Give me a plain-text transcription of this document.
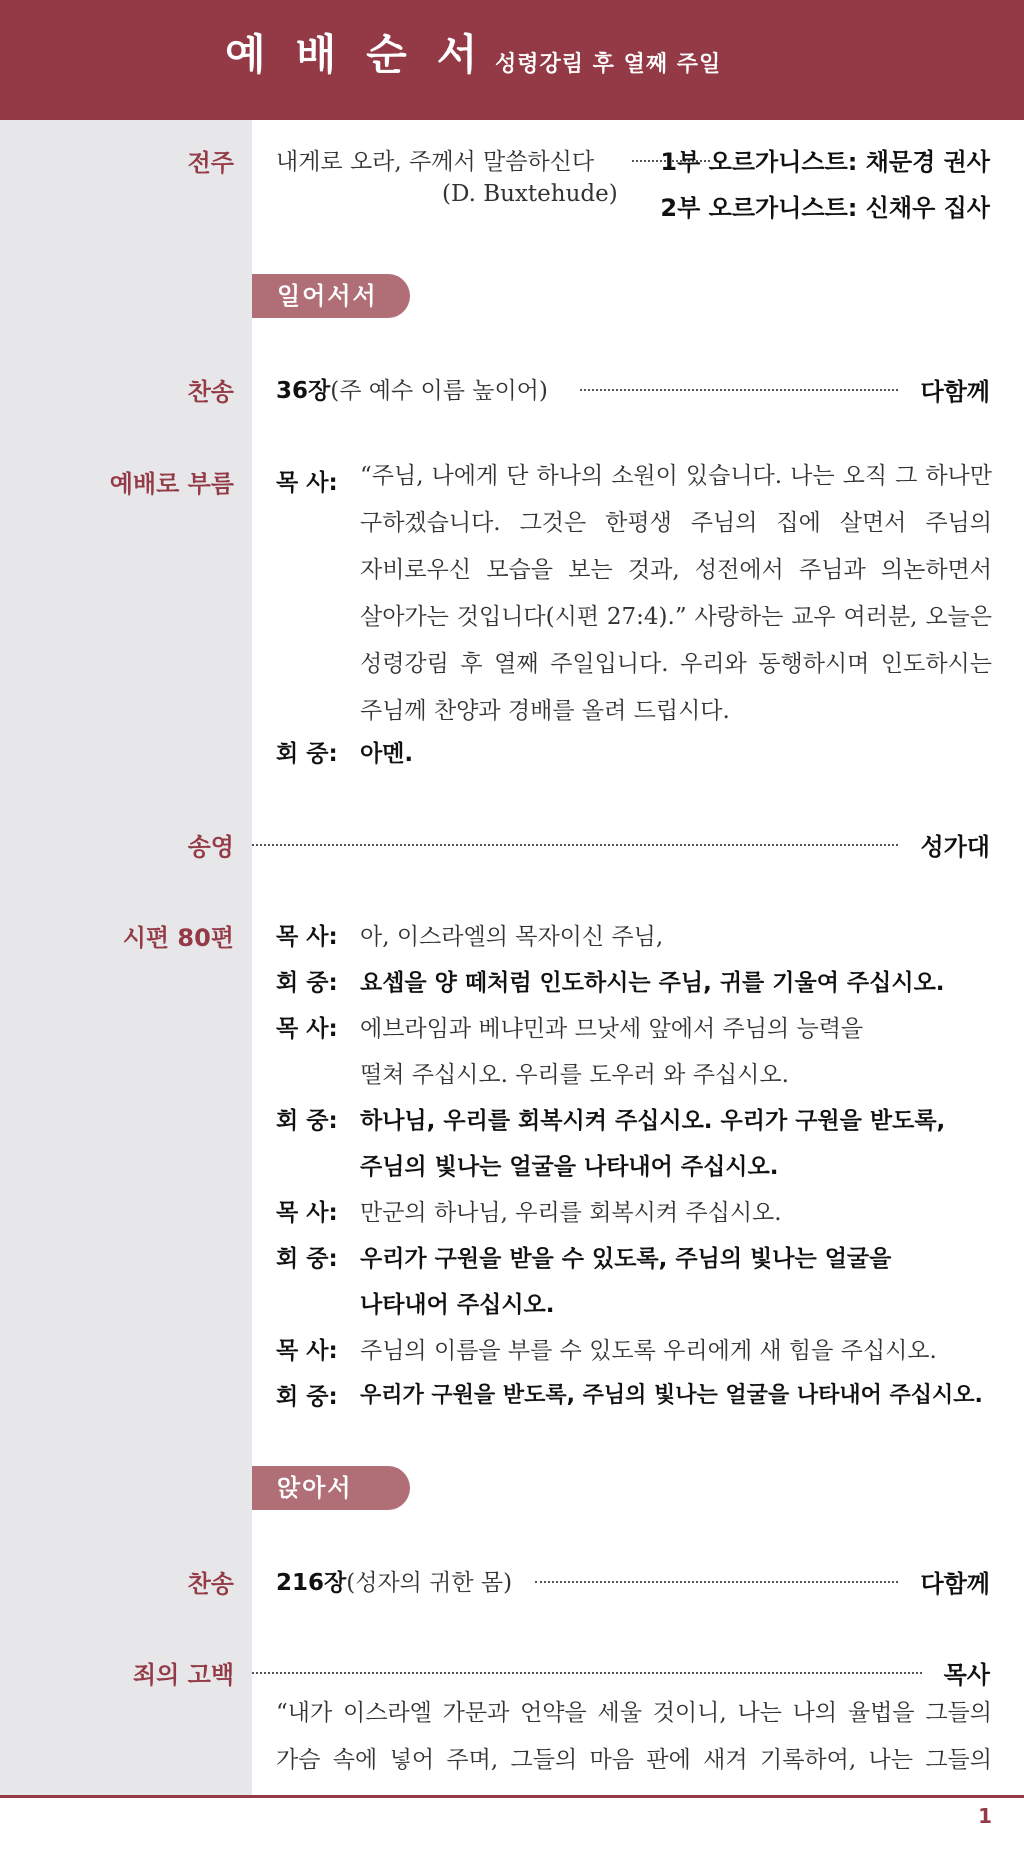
예배순서
성령강림 후 열째 주일
전주 내게로 오라, 주께서 말씀하신다	1부 오르가니스트: 채문경 권사
(D. Buxtehude) 2부 오르가니스트: 신채우 집사
일어서서
찬송 36장(주 예수 이름 높이어)	다함께
예배로 부름 목 사: “주님, 나에게 단 하나의 소원이 있습니다. 나는 오직 그 하나만
구하겠습니다. 그것은 한평생 주님의 집에 살면서 주님의
자비로우신 모습을 보는 것과, 성전에서 주님과 의논하면서
살아가는 것입니다(시편 27:4).” 사랑하는 교우 여러분, 오늘은
성령강림 후 열째 주일입니다. 우리와 동행하시며 인도하시는
주님께 찬양과 경배를 올려 드립시다.
회 중: 아멘.
송영	성가대
시편 80편 목 사: 아, 이스라엘의 목자이신 주님,
회 중: 요셉을 양 떼처럼 인도하시는 주님, 귀를 기울여 주십시오.
목 사: 에브라임과 베냐민과 므낫세 앞에서 주님의 능력을
떨쳐 주십시오. 우리를 도우러 와 주십시오.
회 중: 하나님, 우리를 회복시켜 주십시오. 우리가 구원을 받도록,
주님의 빛나는 얼굴을 나타내어 주십시오.
목 사: 만군의 하나님, 우리를 회복시켜 주십시오.
회 중: 우리가 구원을 받을 수 있도록, 주님의 빛나는 얼굴을
나타내어 주십시오.
목 사: 주님의 이름을 부를 수 있도록 우리에게 새 힘을 주십시오.
회 중: 우리가 구원을 받도록, 주님의 빛나는 얼굴을 나타내어 주십시오.
앉아서
찬송 216장(성자의 귀한 몸)	다함께
죄의 고백	목사
“내가 이스라엘 가문과 언약을 세울 것이니, 나는 나의 율법을 그들의
가슴 속에 넣어 주며, 그들의 마음 판에 새겨 기록하여, 나는 그들의
1
